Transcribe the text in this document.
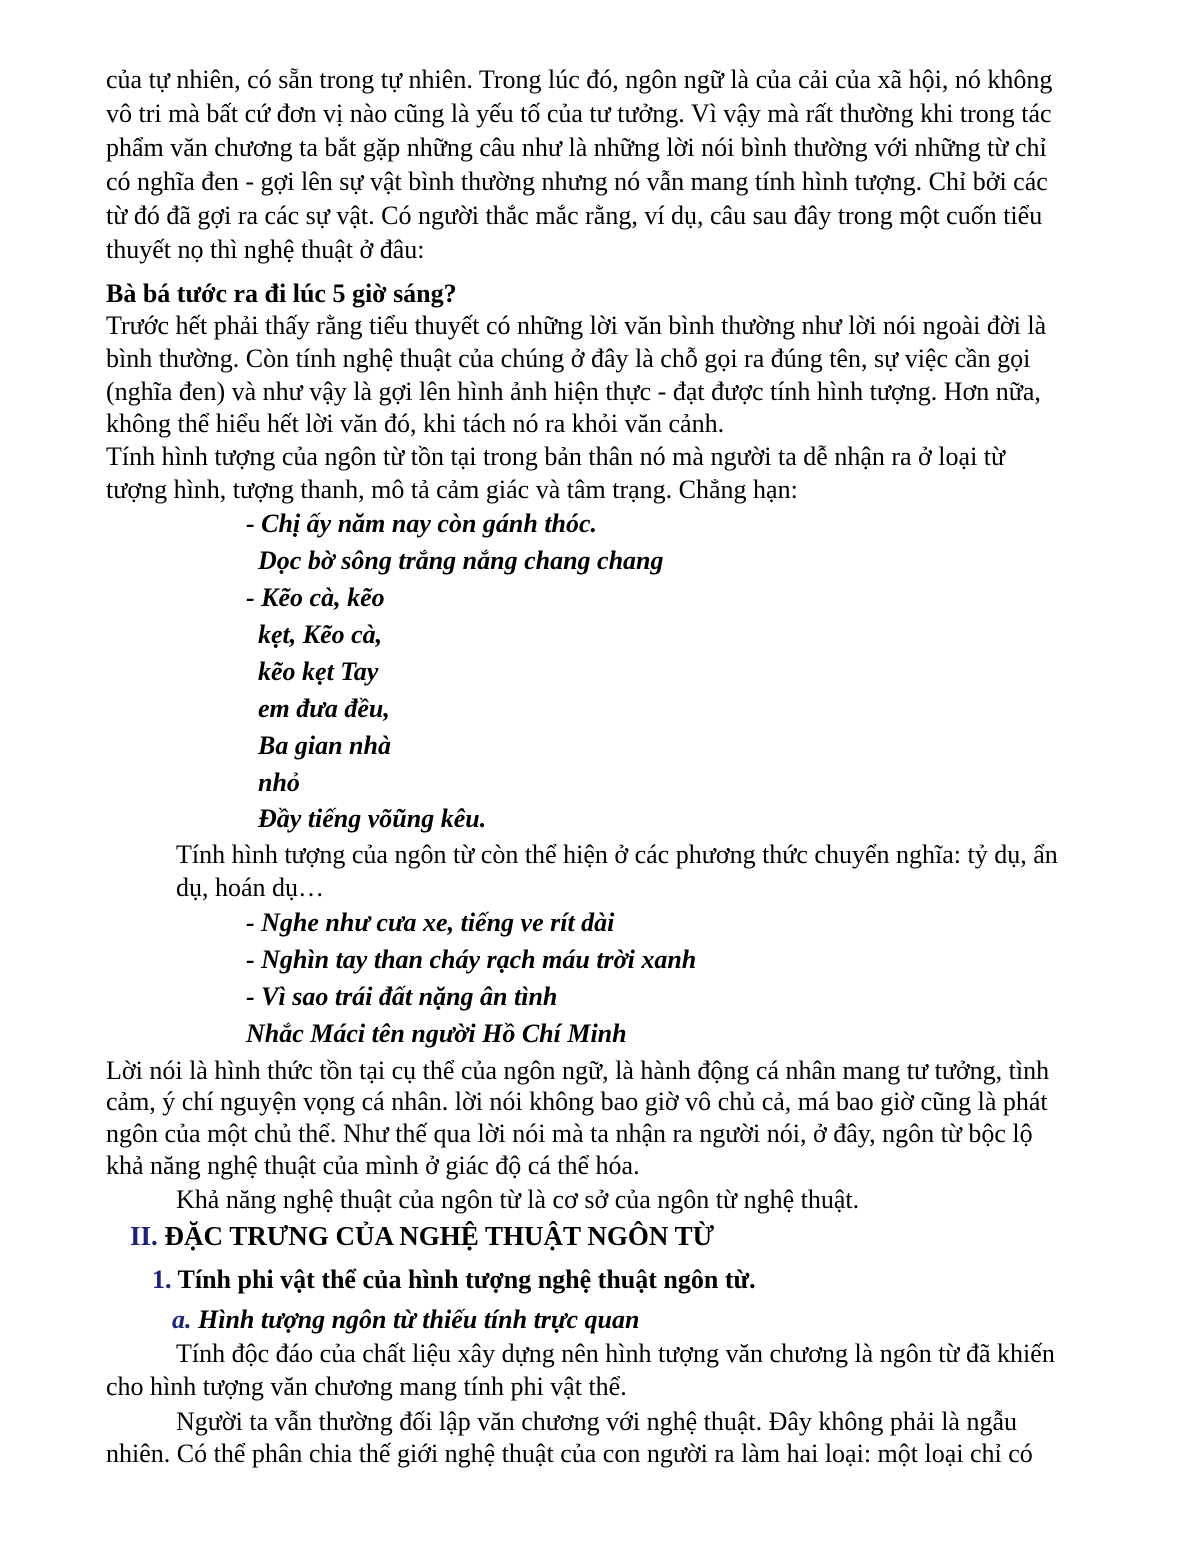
của tự nhiên, có sẵn trong tự nhiên. Trong lúc đó, ngôn ngữ là của cải của xã hội, nó không
vô tri mà bất cứ đơn vị nào cũng là yếu tố của tư tưởng. Vì vậy mà rất thường khi trong tác
phẩm văn chương ta bắt gặp những câu như là những lời nói bình thường với những từ chỉ
có nghĩa đen - gợi lên sự vật bình thường nhưng nó vẫn mang tính hình tượng. Chỉ bởi các
từ đó đã gợi ra các sự vật. Có người thắc mắc rằng, ví dụ, câu sau đây trong một cuốn tiểu
thuyết nọ thì nghệ thuật ở đâu:
Bà bá tước ra đi lúc 5 giờ sáng?
Trước hết phải thấy rằng tiểu thuyết có những lời văn bình thường như lời nói ngoài đời là
bình thường. Còn tính nghệ thuật của chúng ở đây là chỗ gọi ra đúng tên, sự việc cần gọi
(nghĩa đen) và như vậy là gợi lên hình ảnh hiện thực - đạt được tính hình tượng. Hơn nữa,
không thể hiểu hết lời văn đó, khi tách nó ra khỏi văn cảnh.
Tính hình tượng của ngôn từ tồn tại trong bản thân nó mà người ta dễ nhận ra ở loại từ
tượng hình, tượng thanh, mô tả cảm giác và tâm trạng. Chẳng hạn:
- Chị ấy năm nay còn gánh thóc.
Dọc bờ sông trắng nắng chang chang
- Kẽo cà, kẽo
kẹt, Kẽo cà,
kẽo kẹt Tay
em đưa đều,
Ba gian nhà
nhỏ
Đầy tiếng võũng kêu.
Tính hình tượng của ngôn từ còn thể hiện ở các phương thức chuyển nghĩa: tỷ dụ, ẩn
dụ, hoán dụ…
- Nghe như cưa xe, tiếng ve rít dài
- Nghìn tay than cháy rạch máu trời xanh
- Vì sao trái đất nặng ân tình
Nhắc Máci tên người Hồ Chí Minh
Lời nói là hình thức tồn tại cụ thể của ngôn ngữ, là hành động cá nhân mang tư tưởng, tình
cảm, ý chí nguyện vọng cá nhân. lời nói không bao giờ vô chủ cả, má bao giờ cũng là phát
ngôn của một chủ thể. Như thế qua lời nói mà ta nhận ra người nói, ở đây, ngôn từ bộc lộ
khả năng nghệ thuật của mình ở giác độ cá thể hóa.
Khả năng nghệ thuật của ngôn từ là cơ sở của ngôn từ nghệ thuật.
II. ĐẶC TRƯNG CỦA NGHỆ THUẬT NGÔN TỪ
1. Tính phi vật thể của hình tượng nghệ thuật ngôn từ.
a. Hình tượng ngôn từ thiếu tính trực quan
Tính độc đáo của chất liệu xây dựng nên hình tượng văn chương là ngôn từ đã khiến
cho hình tượng văn chương mang tính phi vật thể.
Người ta vẫn thường đối lập văn chương với nghệ thuật. Đây không phải là ngẫu
nhiên. Có thể phân chia thế giới nghệ thuật của con người ra làm hai loại: một loại chỉ có
